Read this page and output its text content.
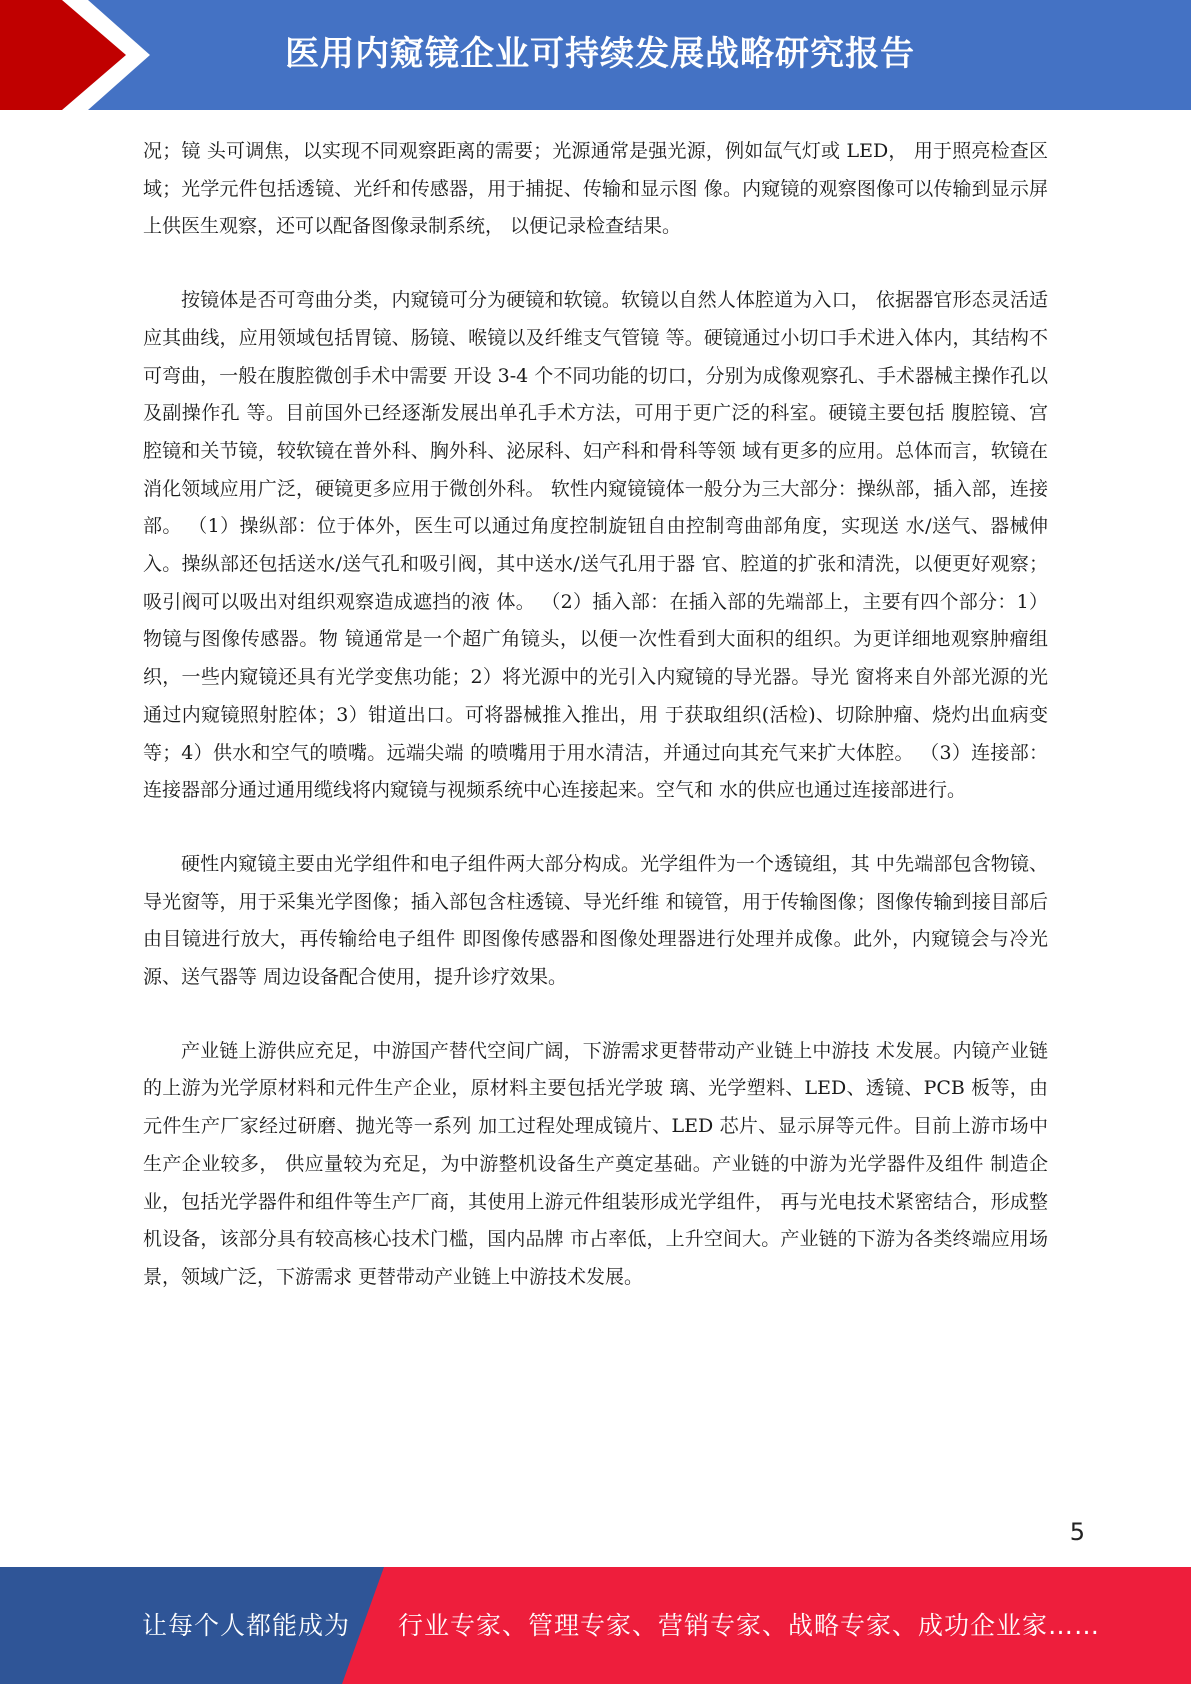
医用内窥镜企业可持续发展战略研究报告

况；镜 头可调焦，以实现不同观察距离的需要；光源通常是强光源，例如氙气灯或 LED， 用于照亮检查区域；光学元件包括透镜、光纤和传感器，用于捕捉、传输和显示图 像。内窥镜的观察图像可以传输到显示屏上供医生观察，还可以配备图像录制系统， 以便记录检查结果。

按镜体是否可弯曲分类，内窥镜可分为硬镜和软镜。软镜以自然人体腔道为入口， 依据器官形态灵活适应其曲线，应用领域包括胃镜、肠镜、喉镜以及纤维支气管镜 等。硬镜通过小切口手术进入体内，其结构不可弯曲，一般在腹腔微创手术中需要 开设 3-4 个不同功能的切口，分别为成像观察孔、手术器械主操作孔以及副操作孔 等。目前国外已经逐渐发展出单孔手术方法，可用于更广泛的科室。硬镜主要包括 腹腔镜、宫腔镜和关节镜，较软镜在普外科、胸外科、泌尿科、妇产科和骨科等领 域有更多的应用。总体而言，软镜在消化领域应用广泛，硬镜更多应用于微创外科。 软性内窥镜镜体一般分为三大部分：操纵部，插入部，连接部。 （1）操纵部：位于体外，医生可以通过角度控制旋钮自由控制弯曲部角度，实现送 水/送气、器械伸入。操纵部还包括送水/送气孔和吸引阀，其中送水/送气孔用于器 官、腔道的扩张和清洗，以便更好观察；吸引阀可以吸出对组织观察造成遮挡的液 体。 （2）插入部：在插入部的先端部上，主要有四个部分：1）物镜与图像传感器。物 镜通常是一个超广角镜头，以便一次性看到大面积的组织。为更详细地观察肿瘤组织，一些内窥镜还具有光学变焦功能；2）将光源中的光引入内窥镜的导光器。导光 窗将来自外部光源的光通过内窥镜照射腔体；3）钳道出口。可将器械推入推出，用 于获取组织(活检)、切除肿瘤、烧灼出血病变等；4）供水和空气的喷嘴。远端尖端 的喷嘴用于用水清洁，并通过向其充气来扩大体腔。 （3）连接部：连接器部分通过通用缆线将内窥镜与视频系统中心连接起来。空气和 水的供应也通过连接部进行。

硬性内窥镜主要由光学组件和电子组件两大部分构成。光学组件为一个透镜组，其 中先端部包含物镜、导光窗等，用于采集光学图像；插入部包含柱透镜、导光纤维 和镜管，用于传输图像；图像传输到接目部后由目镜进行放大，再传输给电子组件 即图像传感器和图像处理器进行处理并成像。此外，内窥镜会与冷光源、送气器等 周边设备配合使用，提升诊疗效果。

产业链上游供应充足，中游国产替代空间广阔，下游需求更替带动产业链上中游技 术发展。内镜产业链的上游为光学原材料和元件生产企业，原材料主要包括光学玻 璃、光学塑料、LED、透镜、PCB 板等，由元件生产厂家经过研磨、抛光等一系列 加工过程处理成镜片、LED 芯片、显示屏等元件。目前上游市场中生产企业较多， 供应量较为充足，为中游整机设备生产奠定基础。产业链的中游为光学器件及组件 制造企业，包括光学器件和组件等生产厂商，其使用上游元件组装形成光学组件， 再与光电技术紧密结合，形成整机设备，该部分具有较高核心技术门槛，国内品牌 市占率低，上升空间大。产业链的下游为各类终端应用场景，领域广泛，下游需求 更替带动产业链上中游技术发展。

5
让每个人都能成为 行业专家、管理专家、营销专家、战略专家、成功企业家……
